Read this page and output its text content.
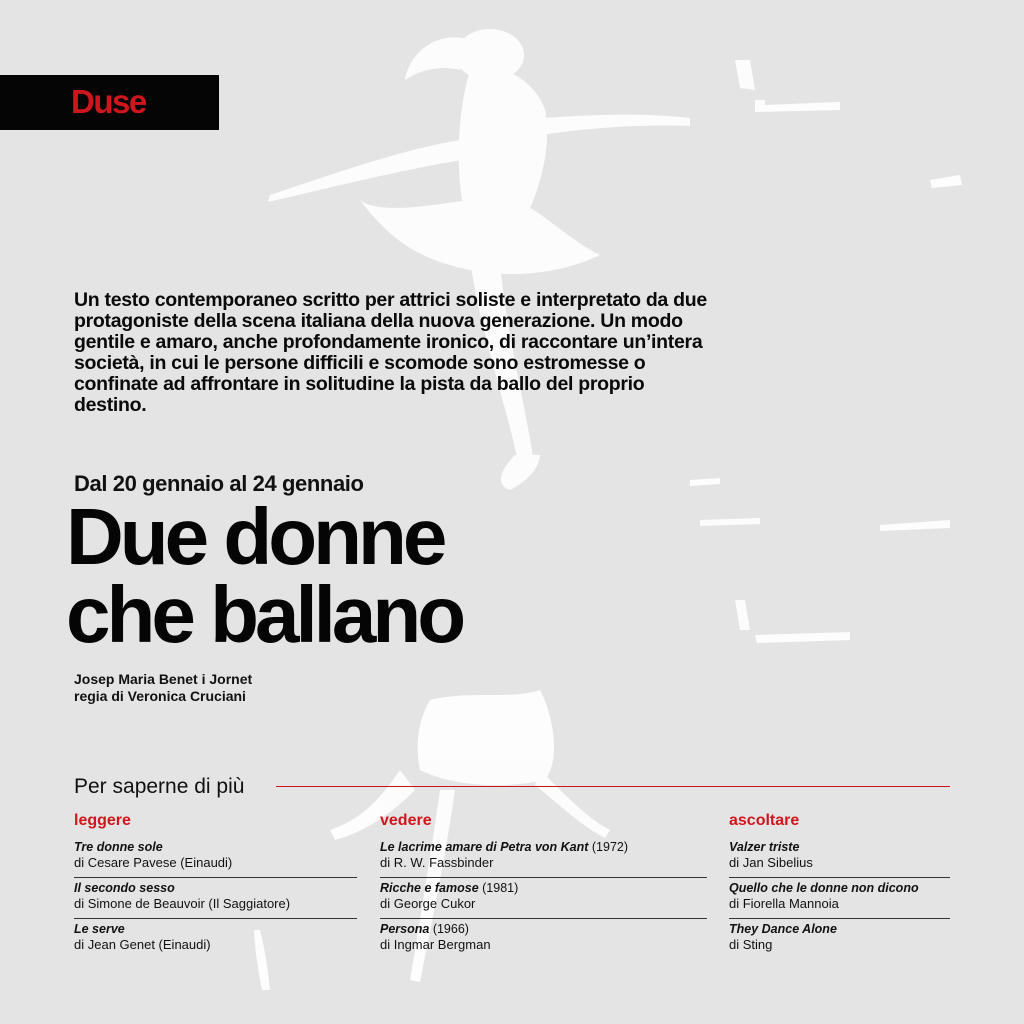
Duse

Un testo contemporaneo scritto per attrici soliste e interpretato da due protagoniste della scena italiana della nuova generazione. Un modo gentile e amaro, anche profondamente ironico, di raccontare un’intera società, in cui le persone difficili e scomode sono estromesse o confinate ad affrontare in solitudine la pista da ballo del proprio destino.

Dal 20 gennaio al 24 gennaio
Due donne
che ballano
Josep Maria Benet i Jornet
regia di Veronica Cruciani
Per saperne di più
leggere
Tre donne sole
di Cesare Pavese (Einaudi)
Il secondo sesso
di Simone de Beauvoir (Il Saggiatore)
Le serve
di Jean Genet (Einaudi)
vedere
Le lacrime amare di Petra von Kant (1972)
di R. W. Fassbinder
Ricche e famose (1981)
di George Cukor
Persona (1966)
di Ingmar Bergman
ascoltare
Valzer triste
di Jan Sibelius
Quello che le donne non dicono
di Fiorella Mannoia
They Dance Alone
di Sting
